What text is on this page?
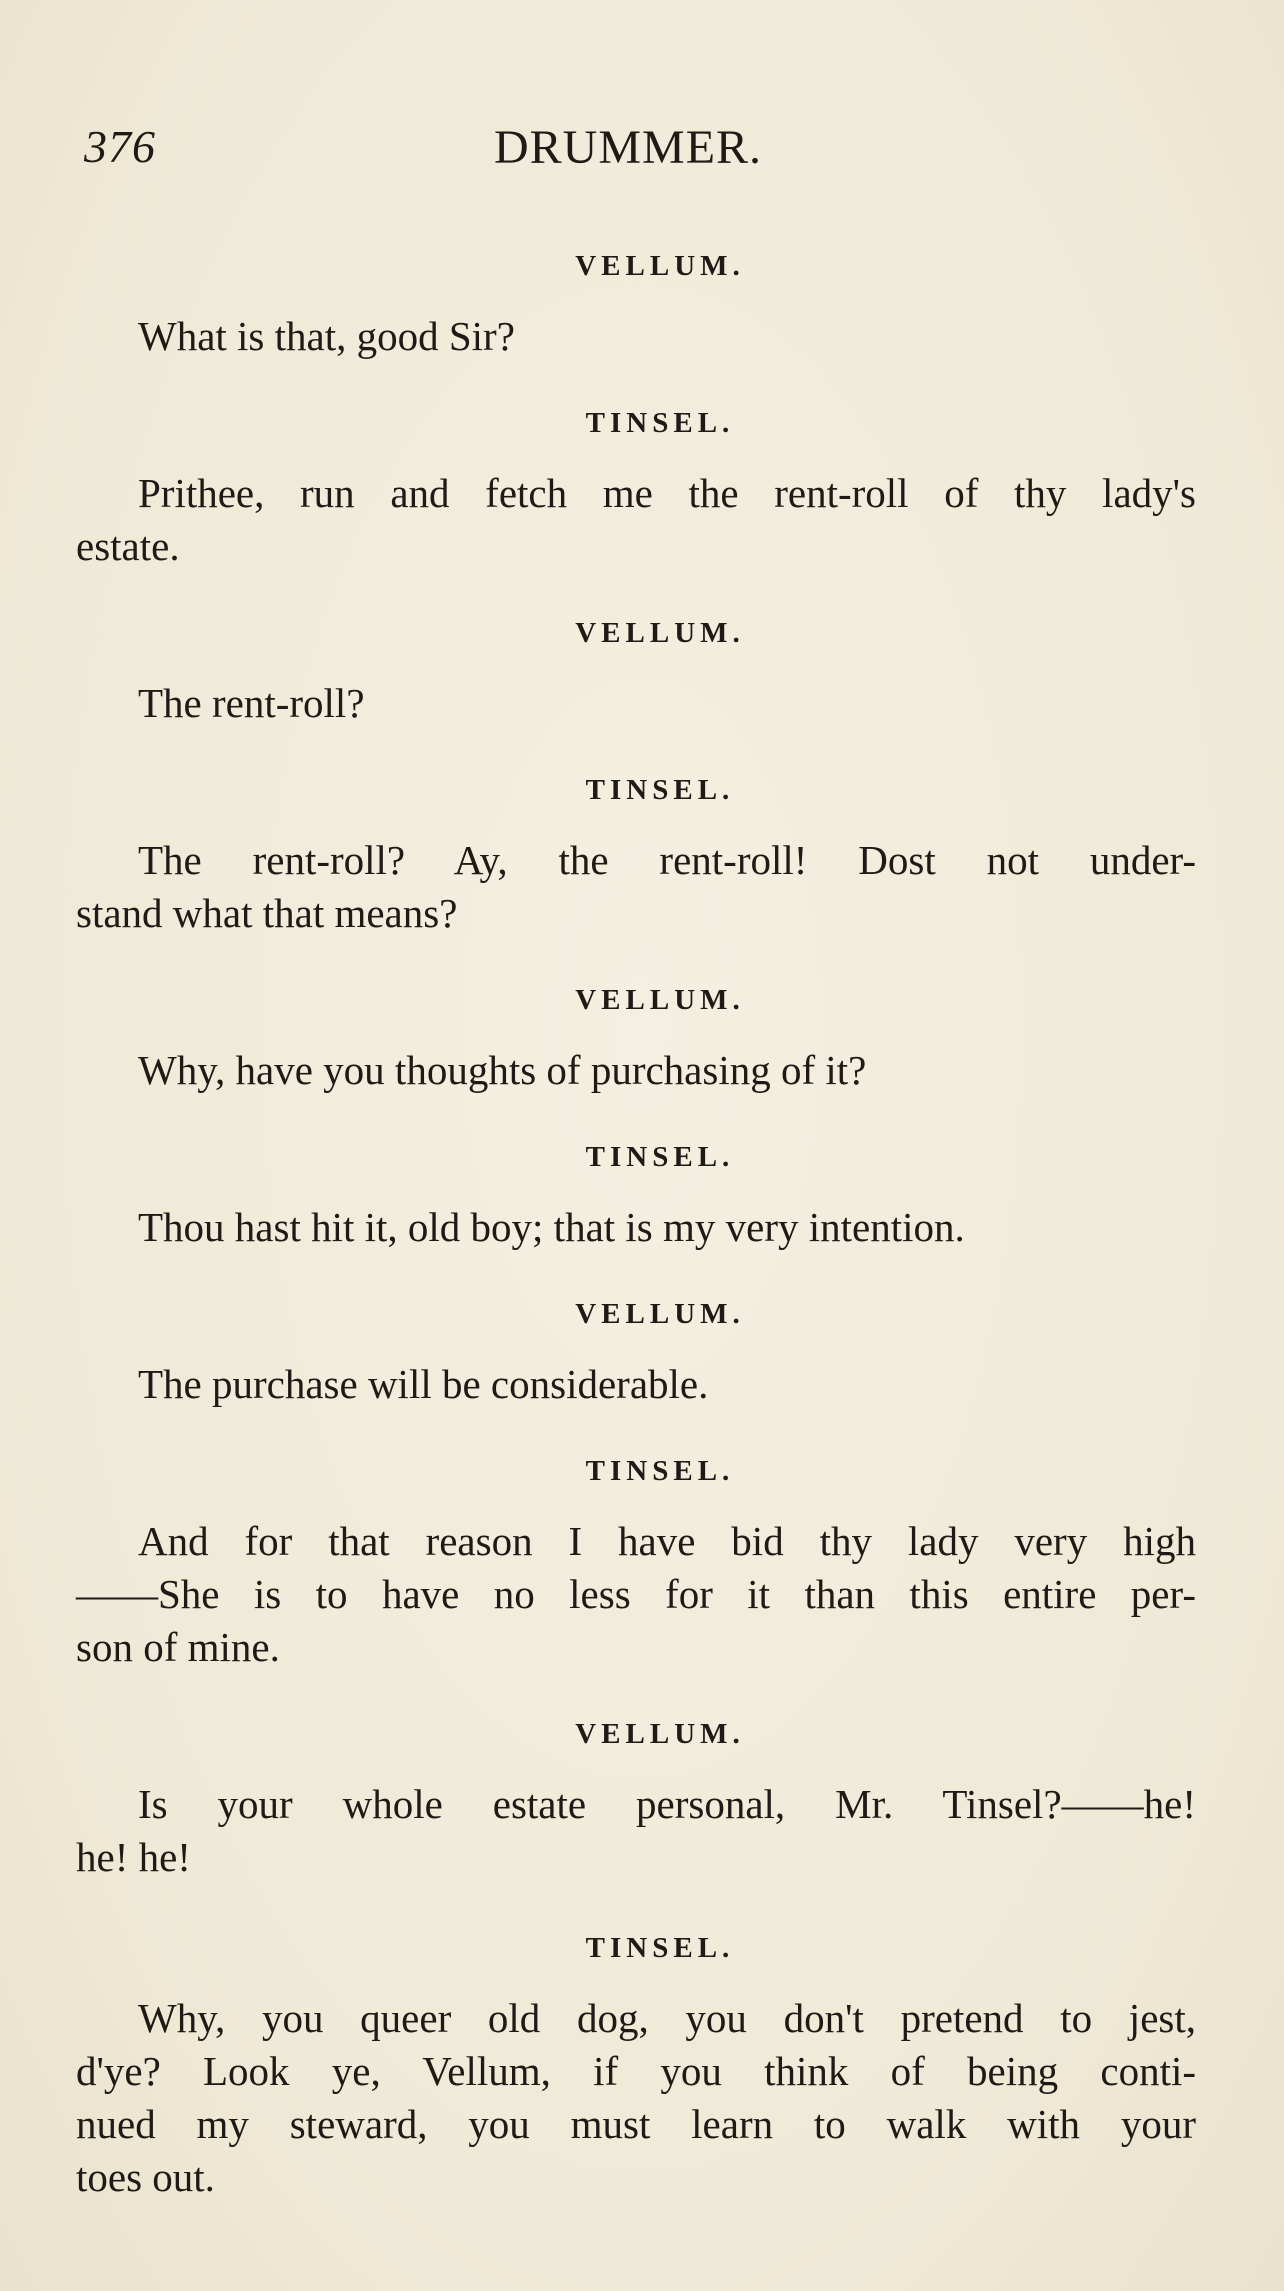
376	DRUMMER.

VELLUM.

What is that, good Sir?

TINSEL.

Prithee, run and fetch me the rent-roll of thy lady's
estate.

VELLUM.

The rent-roll?

TINSEL.

The rent-roll? Ay, the rent-roll! Dost not under-
stand what that means?

VELLUM.

Why, have you thoughts of purchasing of it?

TINSEL.

Thou hast hit it, old boy; that is my very intention.

VELLUM.

The purchase will be considerable.

TINSEL.

And for that reason I have bid thy lady very high
——She is to have no less for it than this entire per-
son of mine.

VELLUM.

Is your whole estate personal, Mr. Tinsel?——he!
he! he!

TINSEL.

Why, you queer old dog, you don't pretend to jest,
d'ye? Look ye, Vellum, if you think of being conti-
nued my steward, you must learn to walk with your
toes out.
